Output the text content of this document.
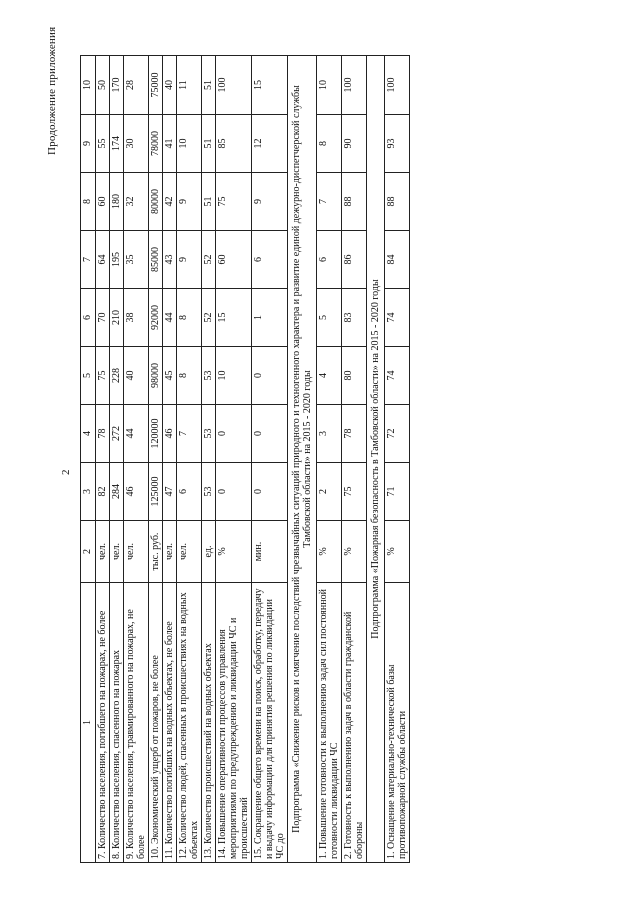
2
Продолжение приложения
1	2	3	4	5	6	7	8	9	10
7. Количество населения, погибшего на пожарах, не более	чел.	82	78	75	70	64	60	55	50
8. Количество населения, спасенного на пожарах	чел.	284	272	228	210	195	180	174	170
9. Количество населения, травмированного на пожарах, не более	чел.	46	44	40	38	35	32	30	28
10. Экономический ущерб от пожаров, не более	тыс. руб.	125000	120000	98000	92000	85000	80000	78000	75000
11. Количество погибших на водных объектах, не более	чел.	47	46	45	44	43	42	41	40
12. Количество людей, спасенных в происшествиях на водных объектах	чел.	6	7	8	8	9	9	10	11
13. Количество происшествий на водных объектах	ед.	53	53	53	52	52	51	51	51
14. Повышение оперативности процессов управления мероприятиями по предупреждению и ликвидации ЧС и происшествий	%	0	0	10	15	60	75	85	100
15. Сокращение общего времени на поиск, обработку, передачу и выдачу информации для принятия решения по ликвидации ЧС до	мин.	0	0	0	1	6	9	12	15
Подпрограмма «Снижение рисков и смягчение последствий чрезвычайных ситуаций природного и техногенного характера и развитие единой дежурно-диспетчерской службы Тамбовской области» на 2015 - 2020 годы									
1. Повышение готовности к выполнению задач сил постоянной готовности ликвидации ЧС	%	2	3	4	5	6	7	8	10
2. Готовность к выполнению задач в области гражданской обороны	%	75	78	80	83	86	88	90	100
Подпрограмма «Пожарная безопасность в Тамбовской области» на 2015 - 2020 годы									
1. Оснащение материально-технической базы противопожарной службы области	%	71	72	74	74	84	88	93	100
